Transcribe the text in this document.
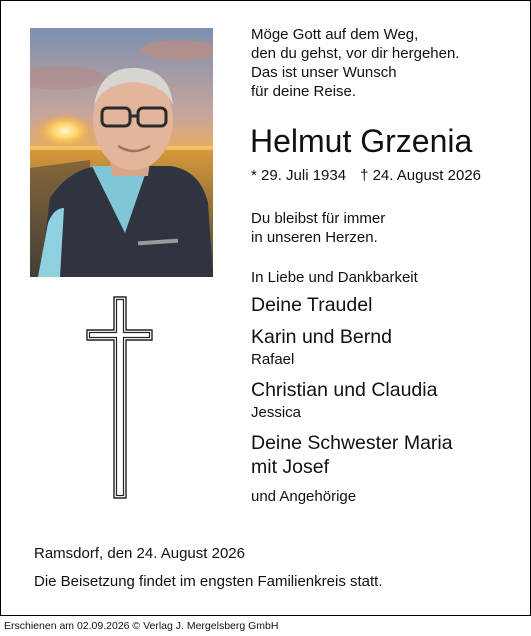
Möge Gott auf dem Weg,
den du gehst, vor dir hergehen.
Das ist unser Wunsch
für deine Reise.
Helmut Grzenia
* 29. Juli 1934 † 24. August 2026
Du bleibst für immer
in unseren Herzen.
In Liebe und Dankbarkeit
Deine Traudel
Karin und Bernd
Rafael
Christian und Claudia
Jessica
Deine Schwester Maria
mit Josef
und Angehörige
Ramsdorf, den 24. August 2026
Die Beisetzung findet im engsten Familienkreis statt.
Erschienen am 02.09.2026 © Verlag J. Mergelsberg GmbH
